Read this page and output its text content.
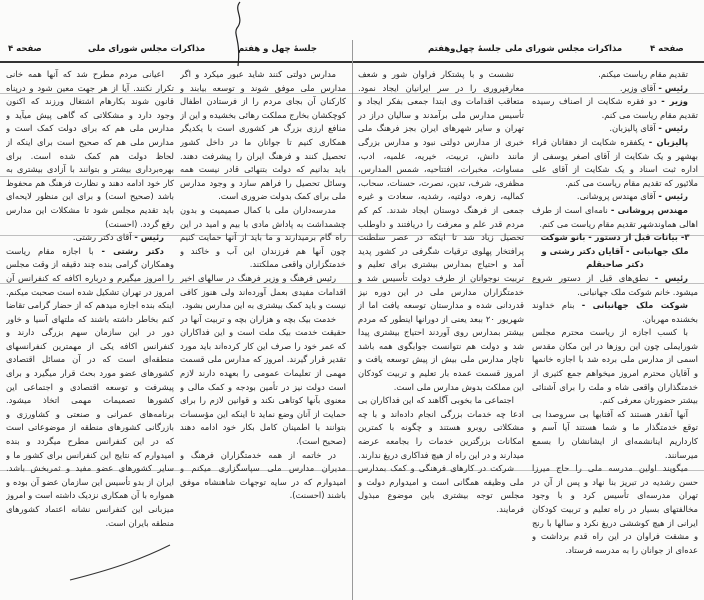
صفحه ۴	مذاکرات مجلس شورای ملی	جلسهٔ چهل و هفتم	جلسهٔ چهل‌وهفتم مذاکرات مجلس شورای ملی	صفحه ۴

تقدیم مقام ریاست میکنم.

رئیس - آقای وزیر.

وزیر - دو فقره شکایت از اصناف رسیده تقدیم مقام ریاست می کنم.

رئیس - آقای پالیزبان.

پالیزبان - یکفقره شکایت از دهقانان قراء بهشهر و یک شکایت از آقای اصغر یوسفی از اداره ثبت اسناد و یک شکایت از آقای علی ملائیور که تقدیم مقام ریاست می کنم.

رئیس - آقای مهندس پروشانی.

مهندس پروشانی - نامه‌ای است از طرف اهالی هماوندشهر تقدیم مقام ریاست می کنم.

۳- بیانات قبل از دستور - بانو شوکت ملک جهانبانی - آقایان دکتر رشتی و دکتر صاحبقلم

رئیس - نطق‌های قبل از دستور شروع میشود. خانم شوکت ملک جهانبانی.

شوکت ملک جهانبانی - بنام خداوند بخشنده مهربان.

با کسب اجازه از ریاست محترم مجلس شورایملی چون این روزها در این مکان مقدس اسمی از مدارس ملی برده شد با اجازه خانمها و آقایان محترم امروز میخواهم جمع کثیری از خدمتگذاران واقعی شاه و ملت را برای آشنائی بیشتر حضورتان معرفی کنم.

آنها آنقدر هستند که آفتابها بی سروصدا بی توقع خدمتگذار ما و شما هستند آیا آسم و کارداریم اینانشمه‌ای از ایشانشان را بسمع میرسانند.

میگویند اولین مدرسه ملی را حاج میرزا حسن رشدیه در تبریز بنا نهاد و پس از آن در تهران مدرسه‌ای تأسیس کرد و با وجود مخالفتهای بسیار در راه تعلیم و تربیت کودکان ایرانی از هیچ کوششی دریغ نکرد و سالها با رنج و مشقت فراوان در این راه قدم برداشت و عده‌ای از جوانان را به مدرسه فرستاد.

نشست و با پشتکار فراوان شور و شعف معارفپروری را در سر ایرانیان ایجاد نمود. متعاقب اقدامات وی ابتدا جمعی بفکر ایجاد و تأسیس مدارس ملی برآمدند و سالیان دراز در تهران و سایر شهرهای ایران بجز فرهنگ ملی خبری از مدارس دولتی نبود و مدارس بزرگی مانند دانش، تربیت، خیریه، علمیه، ادب، مساوات، مخبرات، افتتاحیه، شمس المدارس، مظفری، شرف، تدین، نصرت، حسنات، سحاب، کمالیه، زهره، دولتیه، رشدیه، سعادت و غیره جمعی از فرهنگ دوستان ایجاد شدند. کم کم مردم قدر علم و معرفت را دریافتند و داوطلب تحصیل زیاد شد تا اینکه در عصر سلطنت پرافتخار پهلوی ترقیات شگرفی در کشور پدید آمد و احتیاج بمدارس بیشتری برای تعلیم و تربیت نوجوانان از طرف دولت تأسیس شد و خدمتگزاران مدارس ملی در این دوره نیز قدردانی شده و مدارستان توسعه یافت اما از شهریور ۲۰ ببعد یعنی از دورانها اینطور که مردم بیشتر بمدارس روی آوردند احتیاج بیشتری پیدا شد و دولت هم نتوانست جوابگوی همه باشد ناچار مدارس ملی بیش از پیش توسعه یافت و امروز قسمت عمده بار تعلیم و تربیت کودکان این مملکت بدوش مدارس ملی است.

اجتماعی ما بخوبی آگاهند که این فداکاران بی ادعا چه خدمات بزرگی انجام داده‌اند و با چه مشکلاتی روبرو هستند و چگونه با کمترین امکانات بزرگترین خدمات را بجامعه عرضه میدارند و در این راه از هیچ فداکاری دریغ ندارند.

شرکت در کارهای فرهنگی و کمک بمدارس ملی وظیفه همگانی است و امیدوارم دولت و مجلس توجه بیشتری باین موضوع مبذول فرمایند.

مدارس دولتی کنند شاید عبور میکرد و اگر مدارس ملی موفق شوند و توسعه بیابند و کارکنان آن بجای مردم را از فرستادن اطفال کوچکشان بخارج مملکت رهائی بخشیده و این از منافع ارزی بزرگ هر کشوری است با یکدیگر همکاری کنیم تا جوانان ما در داخل کشور تحصیل کنند و فرهنگ ایران را پیشرفت دهند. باید بدانیم که دولت بتنهائی قادر نیست همه وسائل تحصیل را فراهم سازد و وجود مدارس ملی برای کمک بدولت ضروری است.

مدرسه‌داران ملی با کمال صمیمیت و بدون چشمداشت به پاداش مادی با بیم و امید در این راه گام برمیدارند و ما باید از آنها حمایت کنیم چون آنها هم فرزندان این آب و خاکند و خدمتگزاران واقعی مملکتند.

رئیس فرهنگ و وزیر فرهنگ در سالهای اخیر اقدامات مفیدی بعمل آورده‌اند ولی هنوز کافی نیست و باید کمک بیشتری به این مدارس بشود.

خدمت بیک بچه و هزاران بچه و تربیت آنها در حقیقت خدمت بیک ملت است و این فداکاران که عمر خود را صرف این کار کرده‌اند باید مورد تقدیر قرار گیرند. امروز که مدارس ملی قسمت مهمی از تعلیمات عمومی را بعهده دارند لازم است دولت نیز در تأمین بودجه و کمک مالی و معنوی بآنها کوتاهی نکند و قوانین لازم را برای حمایت از آنان وضع نماید تا اینکه این مؤسسات بتوانند با اطمینان کامل بکار خود ادامه دهند (صحیح است).

در خاتمه از همه خدمتگزاران فرهنگ و مدیران مدارس ملی سپاسگزاری میکنم و امیدوارم که در سایه توجهات شاهنشاه موفق باشند (احسنت).

اعیانی مردم مطرح شد که آنها همه خانی تکرار نکنند. آیا از هر جهت معین شود و درپناه قانون شوند بکارهام اشتغال ورزند که اکنون وجود دارد و مشکلاتی که گاهی پیش میآید و مدارس ملی هم که برای دولت کمک است و مدارس ملی هم که صحیح است برای اینکه از لحاظ دولت هم کمک شده است. برای بهره‌برداری بیشتر و بتوانند با آزادی بیشتری به کار خود ادامه دهند و نظارت فرهنگ هم محفوظ باشد (صحیح است) و برای این منظور لایحه‌ای باید تقدیم مجلس شود تا مشکلات این مدارس رفع گردد. (احسنت)

رئیس - آقای دکتر رشتی.

دکتر رشتی - با اجازه مقام ریاست وهمکاران گرامی بنده چند دقیقه از وقت مجلس را امروز میگیرم و درباره اکافه که کنفرانس آن امروز در تهران تشکیل شده است صحبت میکنم. اینکه بنده اجازه میدهم که از حضار گرامی تقاضا کنم بخاطر داشته باشند که ملتهای آسیا و خاور دور در این سازمان سهم بزرگی دارند و کنفرانس اکافه یکی از مهمترین کنفرانسهای منطقه‌ای است که در آن مسائل اقتصادی کشورهای عضو مورد بحث قرار میگیرد و برای پیشرفت و توسعه اقتصادی و اجتماعی این کشورها تصمیمات مهمی اتخاذ میشود. برنامه‌های عمرانی و صنعتی و کشاورزی و بازرگانی کشورهای منطقه از موضوعاتی است که در این کنفرانس مطرح میگردد و بنده امیدوارم که نتایج این کنفرانس برای کشور ما و سایر کشورهای عضو مفید و ثمربخش باشد. ایران از بدو تأسیس این سازمان عضو آن بوده و همواره با آن همکاری نزدیک داشته است و امروز میزبانی این کنفرانس نشانه اعتماد کشورهای منطقه بایران است.
